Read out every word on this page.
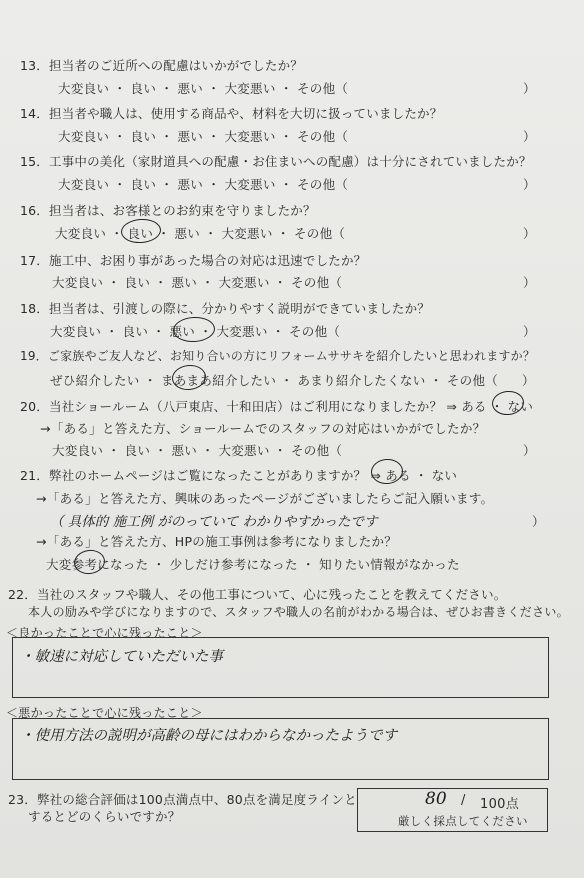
13．担当者のご近所への配慮はいかがでしたか？
大変良い ・ 良い ・ 悪い ・ 大変悪い ・ その他（	）
14．担当者や職人は、使用する商品や、材料を大切に扱っていましたか？
大変良い ・ 良い ・ 悪い ・ 大変悪い ・ その他（	）
15．工事中の美化（家財道具への配慮・お住まいへの配慮）は十分にされていましたか？
大変良い ・ 良い ・ 悪い ・ 大変悪い ・ その他（	）
16．担当者は、お客様とのお約束を守りましたか？
大変良い ・ 良い ・ 悪い ・ 大変悪い ・ その他（	）
17．施工中、お困り事があった場合の対応は迅速でしたか？
大変良い ・ 良い ・ 悪い ・ 大変悪い ・ その他（	）
18．担当者は、引渡しの際に、分かりやすく説明ができていましたか？
大変良い ・ 良い ・ 悪い ・ 大変悪い ・ その他（	）
19．ご家族やご友人など、お知り合いの方にリフォームササキを紹介したいと思われますか？
ぜひ紹介したい ・ まあまあ紹介したい ・ あまり紹介したくない ・ その他（ ）
20．当社ショールーム（八戸東店、十和田店）はご利用になりましたか？ ⇒ ある ・ ない
→「ある」と答えた方、ショールームでのスタッフの対応はいかがでしたか？
大変良い ・ 良い ・ 悪い ・ 大変悪い ・ その他（	）
21．弊社のホームページはご覧になったことがありますか？ ⇒ ある ・ ない
→「ある」と答えた方、興味のあったページがございましたらご記入願います。
（ 具体的 施工例 がのっていて わかりやすかったです	）
→「ある」と答えた方、HPの施工事例は参考になりましたか？
大変参考になった ・ 少しだけ参考になった ・ 知りたい情報がなかった
22．当社のスタッフや職人、その他工事について、心に残ったことを教えてください。
本人の励みや学びになりますので、スタッフや職人の名前がわかる場合は、ぜひお書きください。
＜良かったことで心に残ったこと＞
・敏速に対応していただいた事
＜悪かったことで心に残ったこと＞
・使用方法の説明が高齢の母にはわからなかったようです
23．弊社の総合評価は100点満点中、80点を満足度ラインと
するとどのくらいですか？
80 / 100点
厳しく採点してください
